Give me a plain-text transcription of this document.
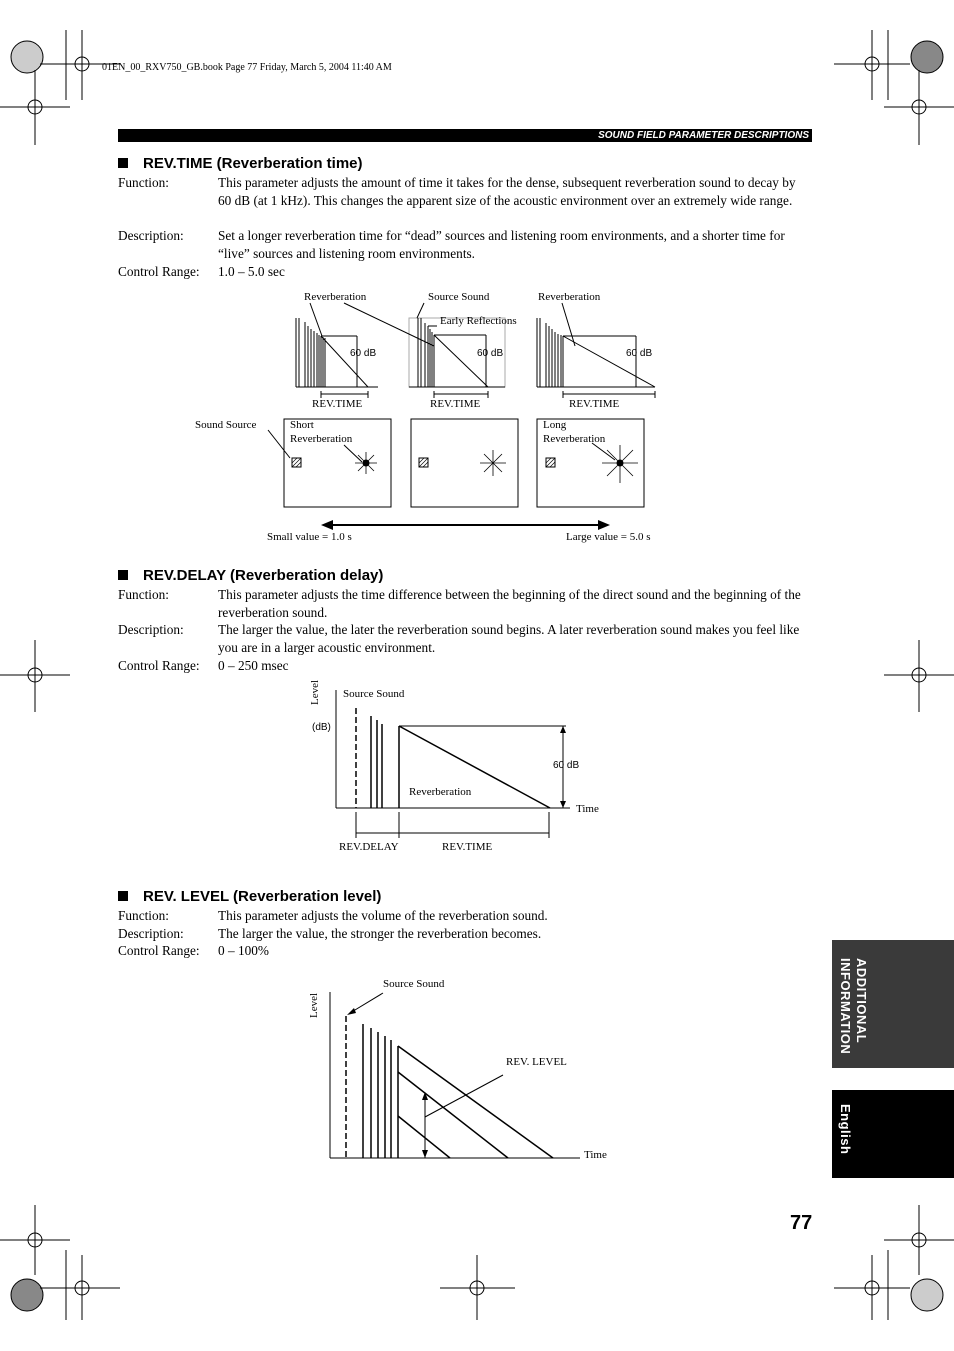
01EN_00_RXV750_GB.book Page 77 Friday, March 5, 2004 11:40 AM
SOUND FIELD PARAMETER DESCRIPTIONS
REV.TIME (Reverberation time)
Function:	This parameter adjusts the amount of time it takes for the dense, subsequent reverberation sound to decay by 60 dB (at 1 kHz). This changes the apparent size of the acoustic environment over an extremely wide range.
Description:	Set a longer reverberation time for “dead” sources and listening room environments, and a shorter time for “live” sources and listening room environments.
Control Range: 1.0 – 5.0 sec
Reverberation	Source Sound	Reverberation
Early Reflections
60 dB	60 dB	60 dB
REV.TIME	REV.TIME	REV.TIME
Sound Source	Short
Reverberation
Long
Reverberation
Small value = 1.0 s	Large value = 5.0 s
REV.DELAY (Reverberation delay)
Function:	This parameter adjusts the time difference between the beginning of the direct sound and the beginning of the reverberation sound.
Description:	The larger the value, the later the reverberation sound begins. A later reverberation sound makes you feel like you are in a larger acoustic environment.
Control Range: 0 – 250 msec
Level
(dB)
Source Sound
60 dB
Reverberation
Time
REV.DELAY	REV.TIME
REV. LEVEL (Reverberation level)
Function:	This parameter adjusts the volume of the reverberation sound.
Description:	The larger the value, the stronger the reverberation becomes.
Control Range: 0 – 100%
Level
Source Sound
REV. LEVEL
Time
INFORMATION ADDITIONAL
English
77
